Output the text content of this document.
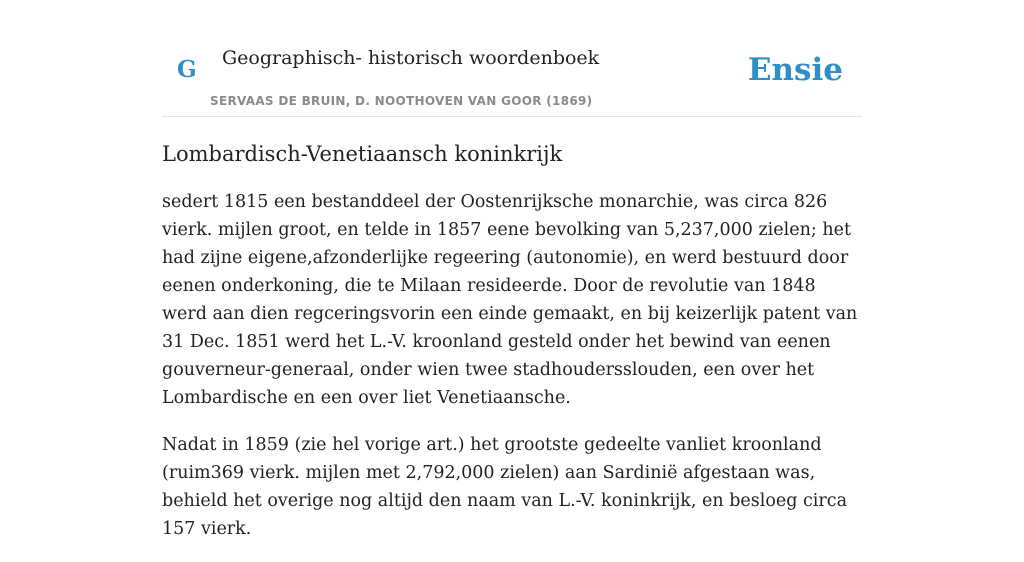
G Geographisch- historisch woordenboek
SERVAAS DE BRUIN, D. NOOTHOVEN VAN GOOR (1869)
Ensie
Lombardisch-Venetiaansch koninkrijk

sedert 1815 een bestanddeel der Oostenrijksche monarchie, was circa 826 vierk. mijlen groot, en telde in 1857 eene bevolking van 5,237,000 zielen; het had zijne eigene,afzonderlijke regeering (autonomie), en werd bestuurd door eenen onderkoning, die te Milaan resideerde. Door de revolutie van 1848 werd aan dien regceringsvorin een einde gemaakt, en bij keizerlijk patent van 31 Dec. 1851 werd het L.-V. kroonland gesteld onder het bewind van eenen gouverneur-generaal, onder wien twee stadhoudersslouden, een over het Lombardische en een over liet Venetiaansche.

Nadat in 1859 (zie hel vorige art.) het grootste gedeelte vanliet kroonland (ruim369 vierk. mijlen met 2,792,000 zielen) aan Sardinië afgestaan was, behield het overige nog altijd den naam van L.-V. koninkrijk, en besloeg circa 157 vierk.
